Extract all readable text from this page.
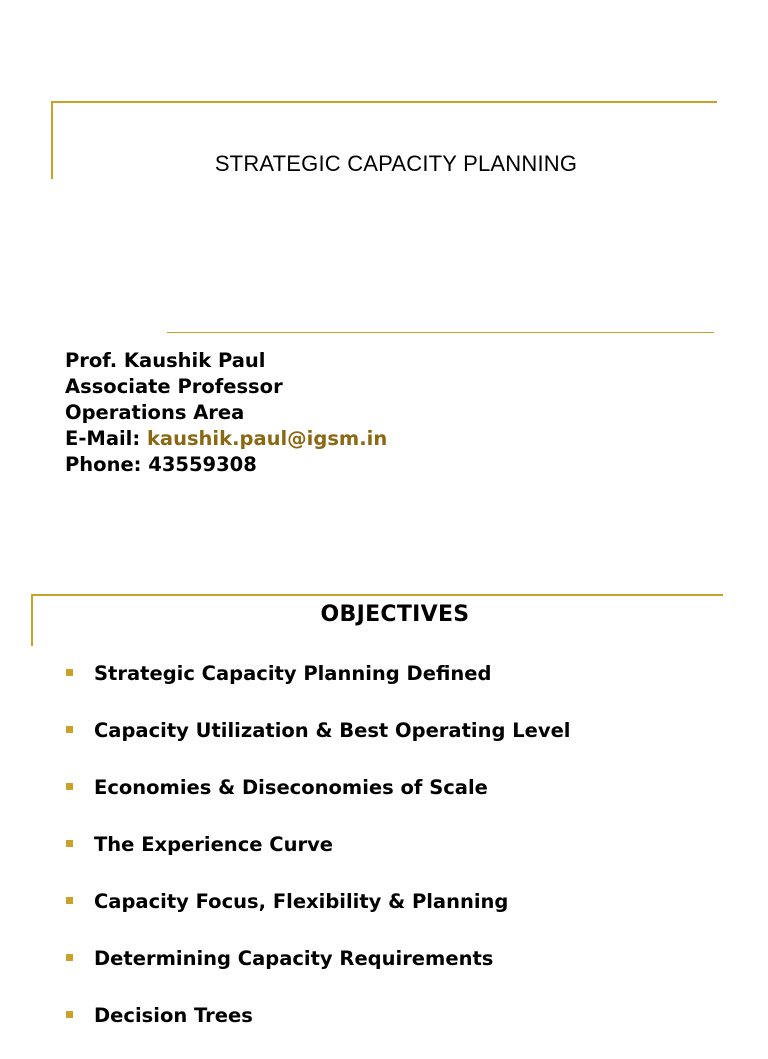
STRATEGIC CAPACITY PLANNING
Prof. Kaushik Paul
Associate Professor
Operations Area
E-Mail: kaushik.paul@igsm.in
Phone: 43559308
OBJECTIVES
Strategic Capacity Planning Defined
Capacity Utilization & Best Operating Level
Economies & Diseconomies of Scale
The Experience Curve
Capacity Focus, Flexibility & Planning
Determining Capacity Requirements
Decision Trees
